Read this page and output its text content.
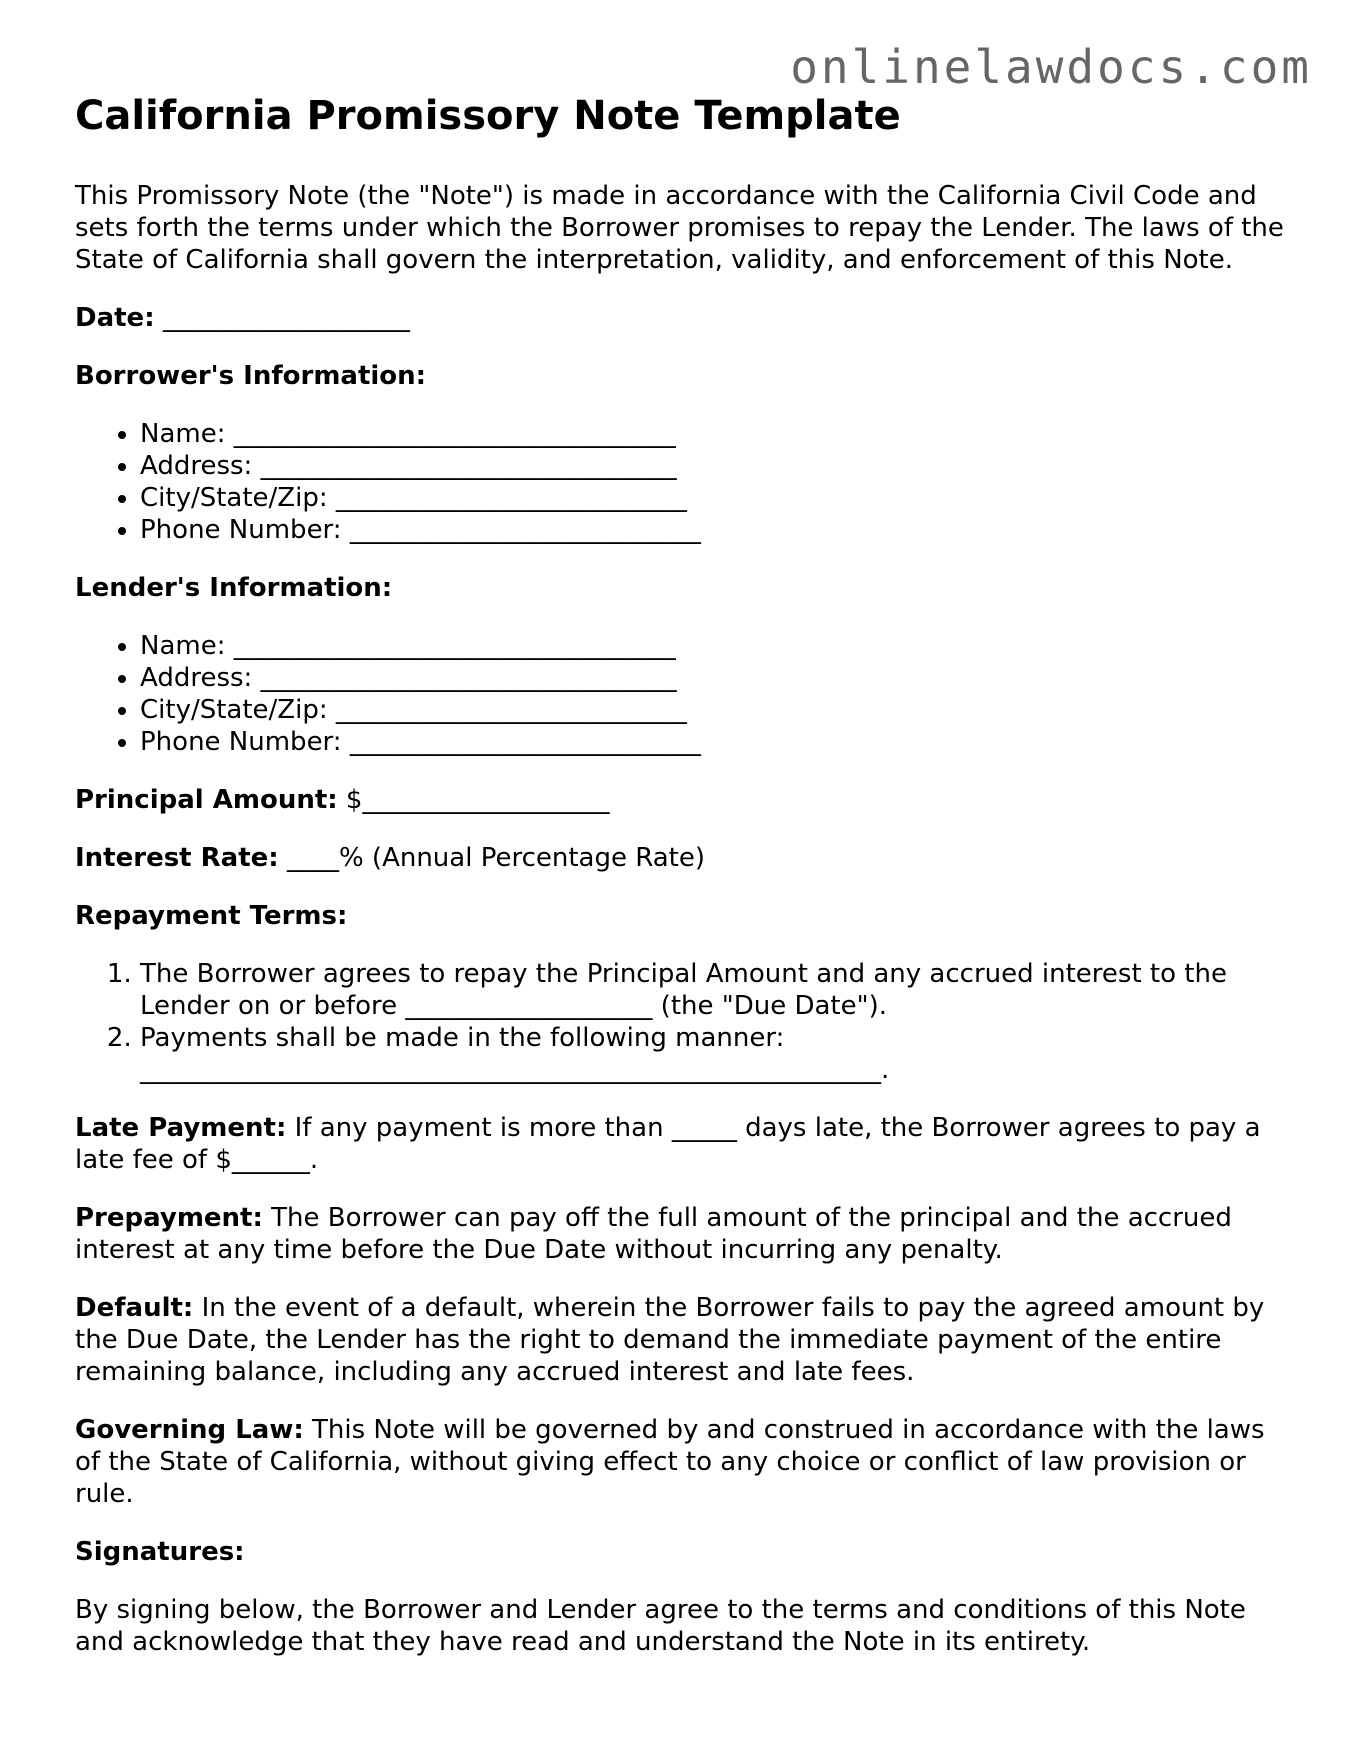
onlinelawdocs.com
California Promissory Note Template

This Promissory Note (the "Note") is made in accordance with the California Civil Code and sets forth the terms under which the Borrower promises to repay the Lender. The laws of the State of California shall govern the interpretation, validity, and enforcement of this Note.

Date: ___________________

Borrower's Information:
• Name: __________________________________
• Address: ________________________________
• City/State/Zip: ___________________________
• Phone Number: ___________________________
Lender's Information:
• Name: __________________________________
• Address: ________________________________
• City/State/Zip: ___________________________
• Phone Number: ___________________________

Principal Amount: $___________________

Interest Rate: ____% (Annual Percentage Rate)

Repayment Terms:
1. The Borrower agrees to repay the Principal Amount and any accrued interest to the Lender on or before ___________________ (the "Due Date").
2. Payments shall be made in the following manner: _________________________________________________________.

Late Payment: If any payment is more than _____ days late, the Borrower agrees to pay a late fee of $______.

Prepayment: The Borrower can pay off the full amount of the principal and the accrued interest at any time before the Due Date without incurring any penalty.

Default: In the event of a default, wherein the Borrower fails to pay the agreed amount by the Due Date, the Lender has the right to demand the immediate payment of the entire remaining balance, including any accrued interest and late fees.

Governing Law: This Note will be governed by and construed in accordance with the laws of the State of California, without giving effect to any choice or conflict of law provision or rule.

Signatures:

By signing below, the Borrower and Lender agree to the terms and conditions of this Note and acknowledge that they have read and understand the Note in its entirety.
